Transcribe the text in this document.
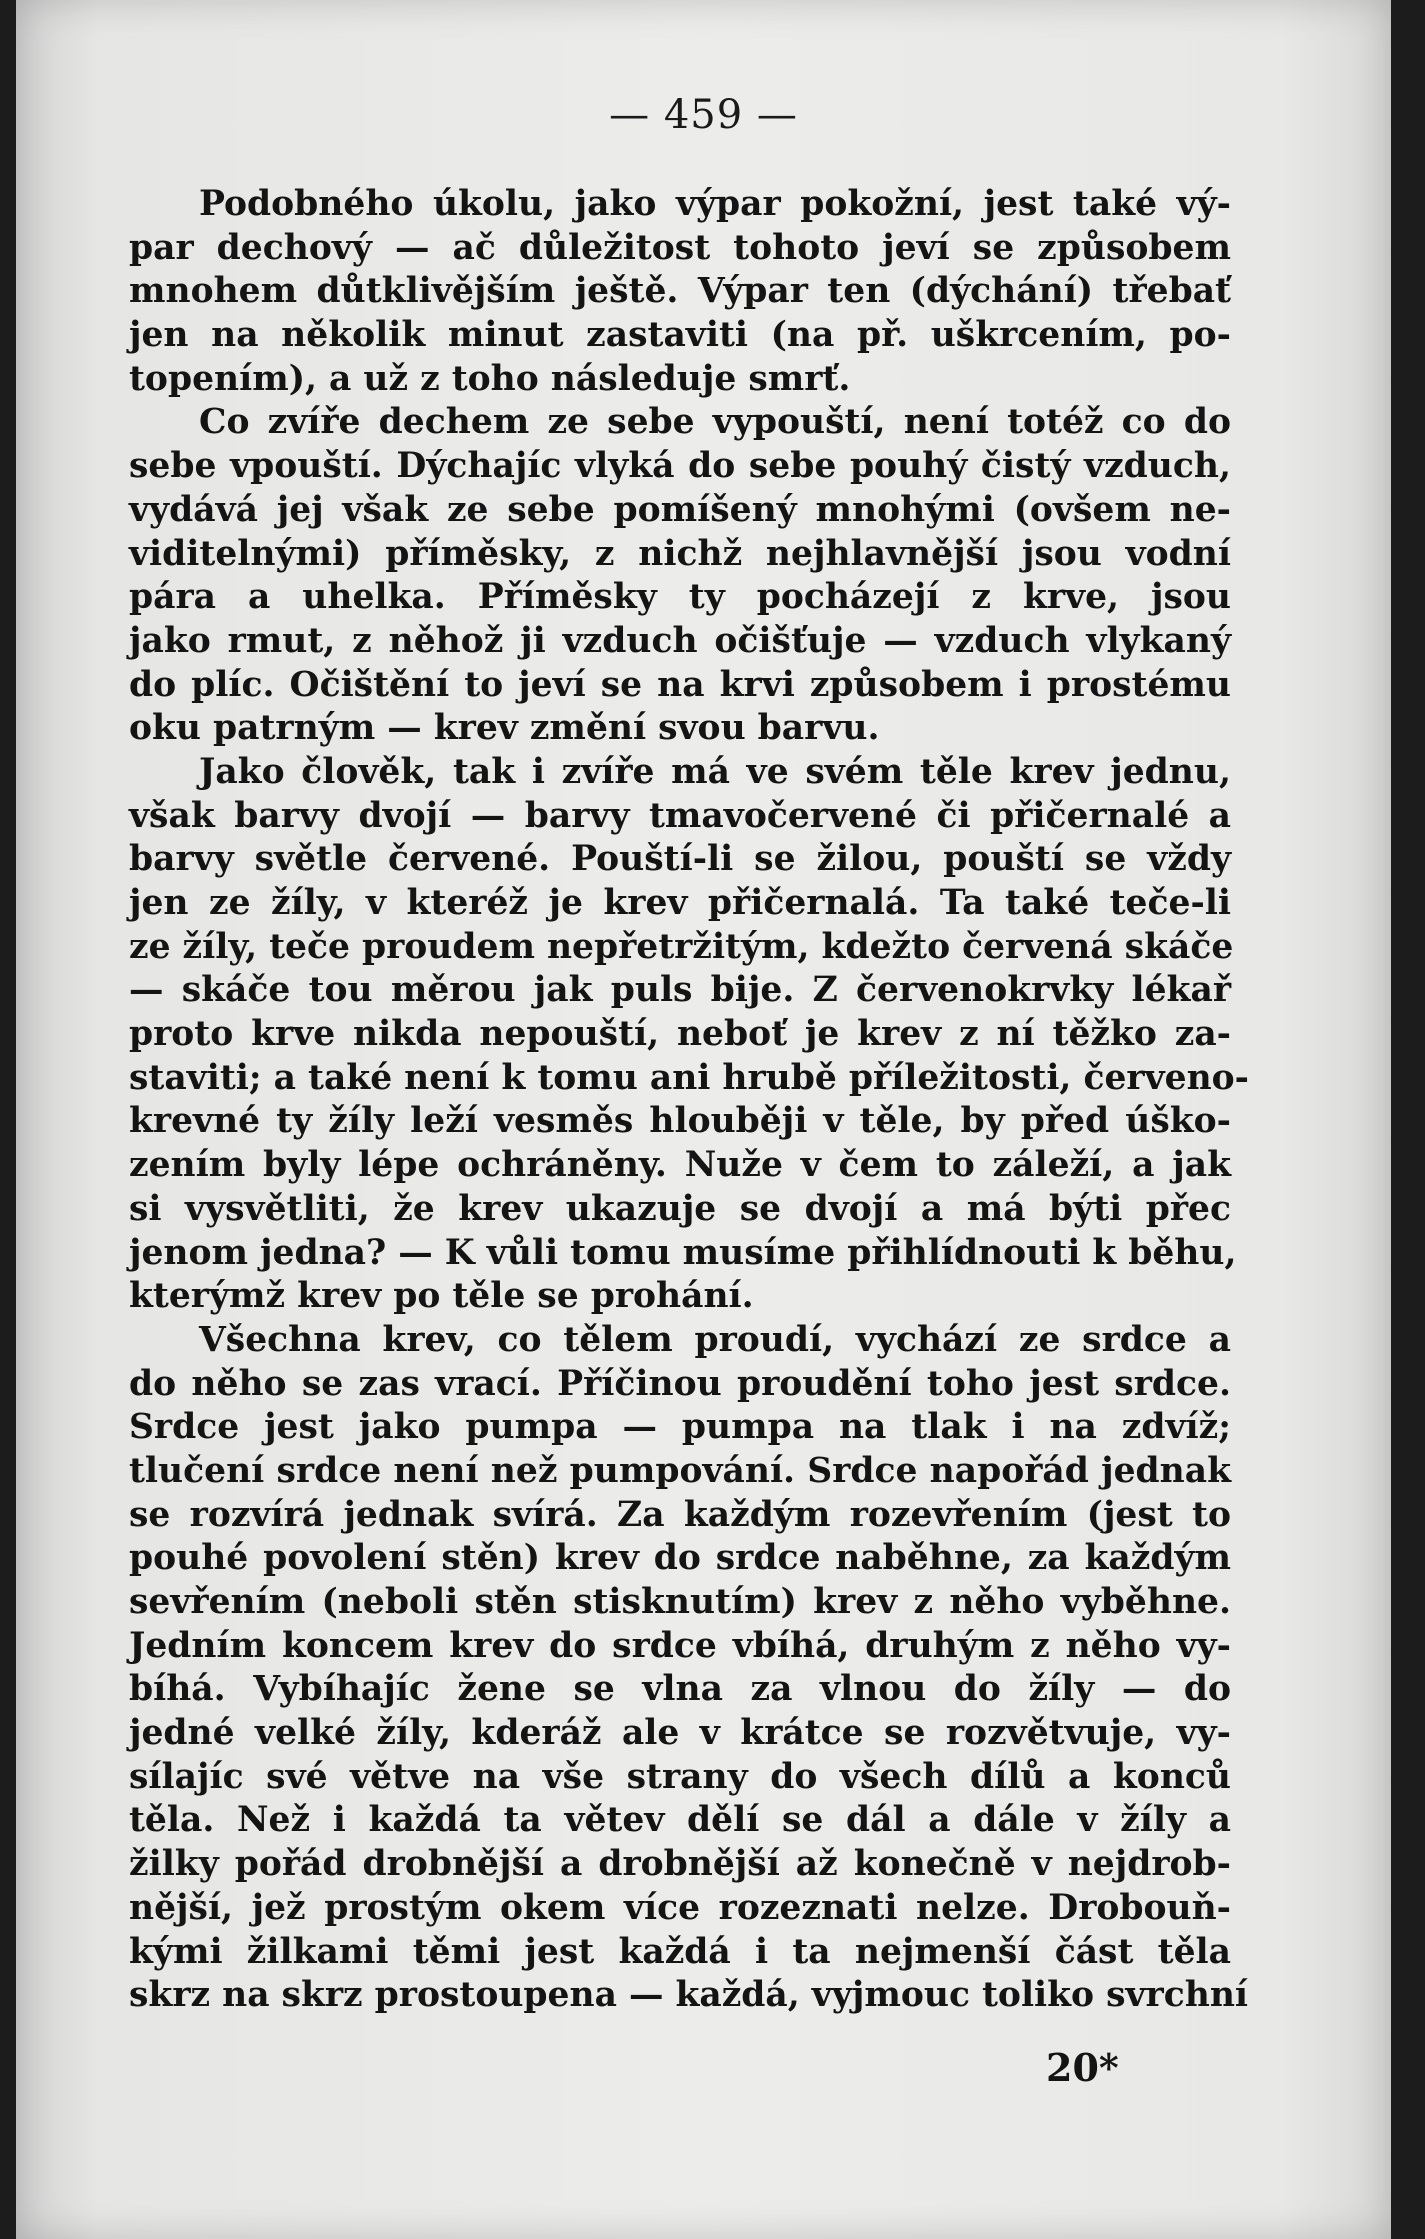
— 459 —
Podobného úkolu, jako výpar pokožní, jest také vý-
par dechový — ač důležitost tohoto jeví se způsobem
mnohem důtklivějším ještě. Výpar ten (dýchání) třebať
jen na několik minut zastaviti (na př. uškrcením, po-
topením), a už z toho následuje smrť.
Co zvíře dechem ze sebe vypouští, není totéž co do
sebe vpouští. Dýchajíc vlyká do sebe pouhý čistý vzduch,
vydává jej však ze sebe pomíšený mnohými (ovšem ne-
viditelnými) příměsky, z nichž nejhlavnější jsou vodní
pára a uhelka. Příměsky ty pocházejí z krve, jsou
jako rmut, z něhož ji vzduch očišťuje — vzduch vlykaný
do plíc. Očištění to jeví se na krvi způsobem i prostému
oku patrným — krev změní svou barvu.
Jako člověk, tak i zvíře má ve svém těle krev jednu,
však barvy dvojí — barvy tmavočervené či přičernalé a
barvy světle červené. Pouští-li se žilou, pouští se vždy
jen ze žíly, v kteréž je krev přičernalá. Ta také teče-li
ze žíly, teče proudem nepřetržitým, kdežto červená skáče
— skáče tou měrou jak puls bije. Z červenokrvky lékař
proto krve nikda nepouští, neboť je krev z ní těžko za-
staviti; a také není k tomu ani hrubě příležitosti, červeno-
krevné ty žíly leží vesměs hlouběji v těle, by před úško-
zením byly lépe ochráněny. Nuže v čem to záleží, a jak
si vysvětliti, že krev ukazuje se dvojí a má býti přec
jenom jedna? — K vůli tomu musíme přihlídnouti k běhu,
kterýmž krev po těle se prohání.
Všechna krev, co tělem proudí, vychází ze srdce a
do něho se zas vrací. Příčinou proudění toho jest srdce.
Srdce jest jako pumpa — pumpa na tlak i na zdvíž;
tlučení srdce není než pumpování. Srdce napořád jednak
se rozvírá jednak svírá. Za každým rozevřením (jest to
pouhé povolení stěn) krev do srdce naběhne, za každým
sevřením (neboli stěn stisknutím) krev z něho vyběhne.
Jedním koncem krev do srdce vbíhá, druhým z něho vy-
bíhá. Vybíhajíc žene se vlna za vlnou do žíly — do
jedné velké žíly, kderáž ale v krátce se rozvětvuje, vy-
sílajíc své větve na vše strany do všech dílů a konců
těla. Než i každá ta větev dělí se dál a dále v žíly a
žilky pořád drobnější a drobnější až konečně v nejdrob-
nější, jež prostým okem více rozeznati nelze. Drobouň-
kými žilkami těmi jest každá i ta nejmenší část těla
skrz na skrz prostoupena — každá, vyjmouc toliko svrchní
20*
